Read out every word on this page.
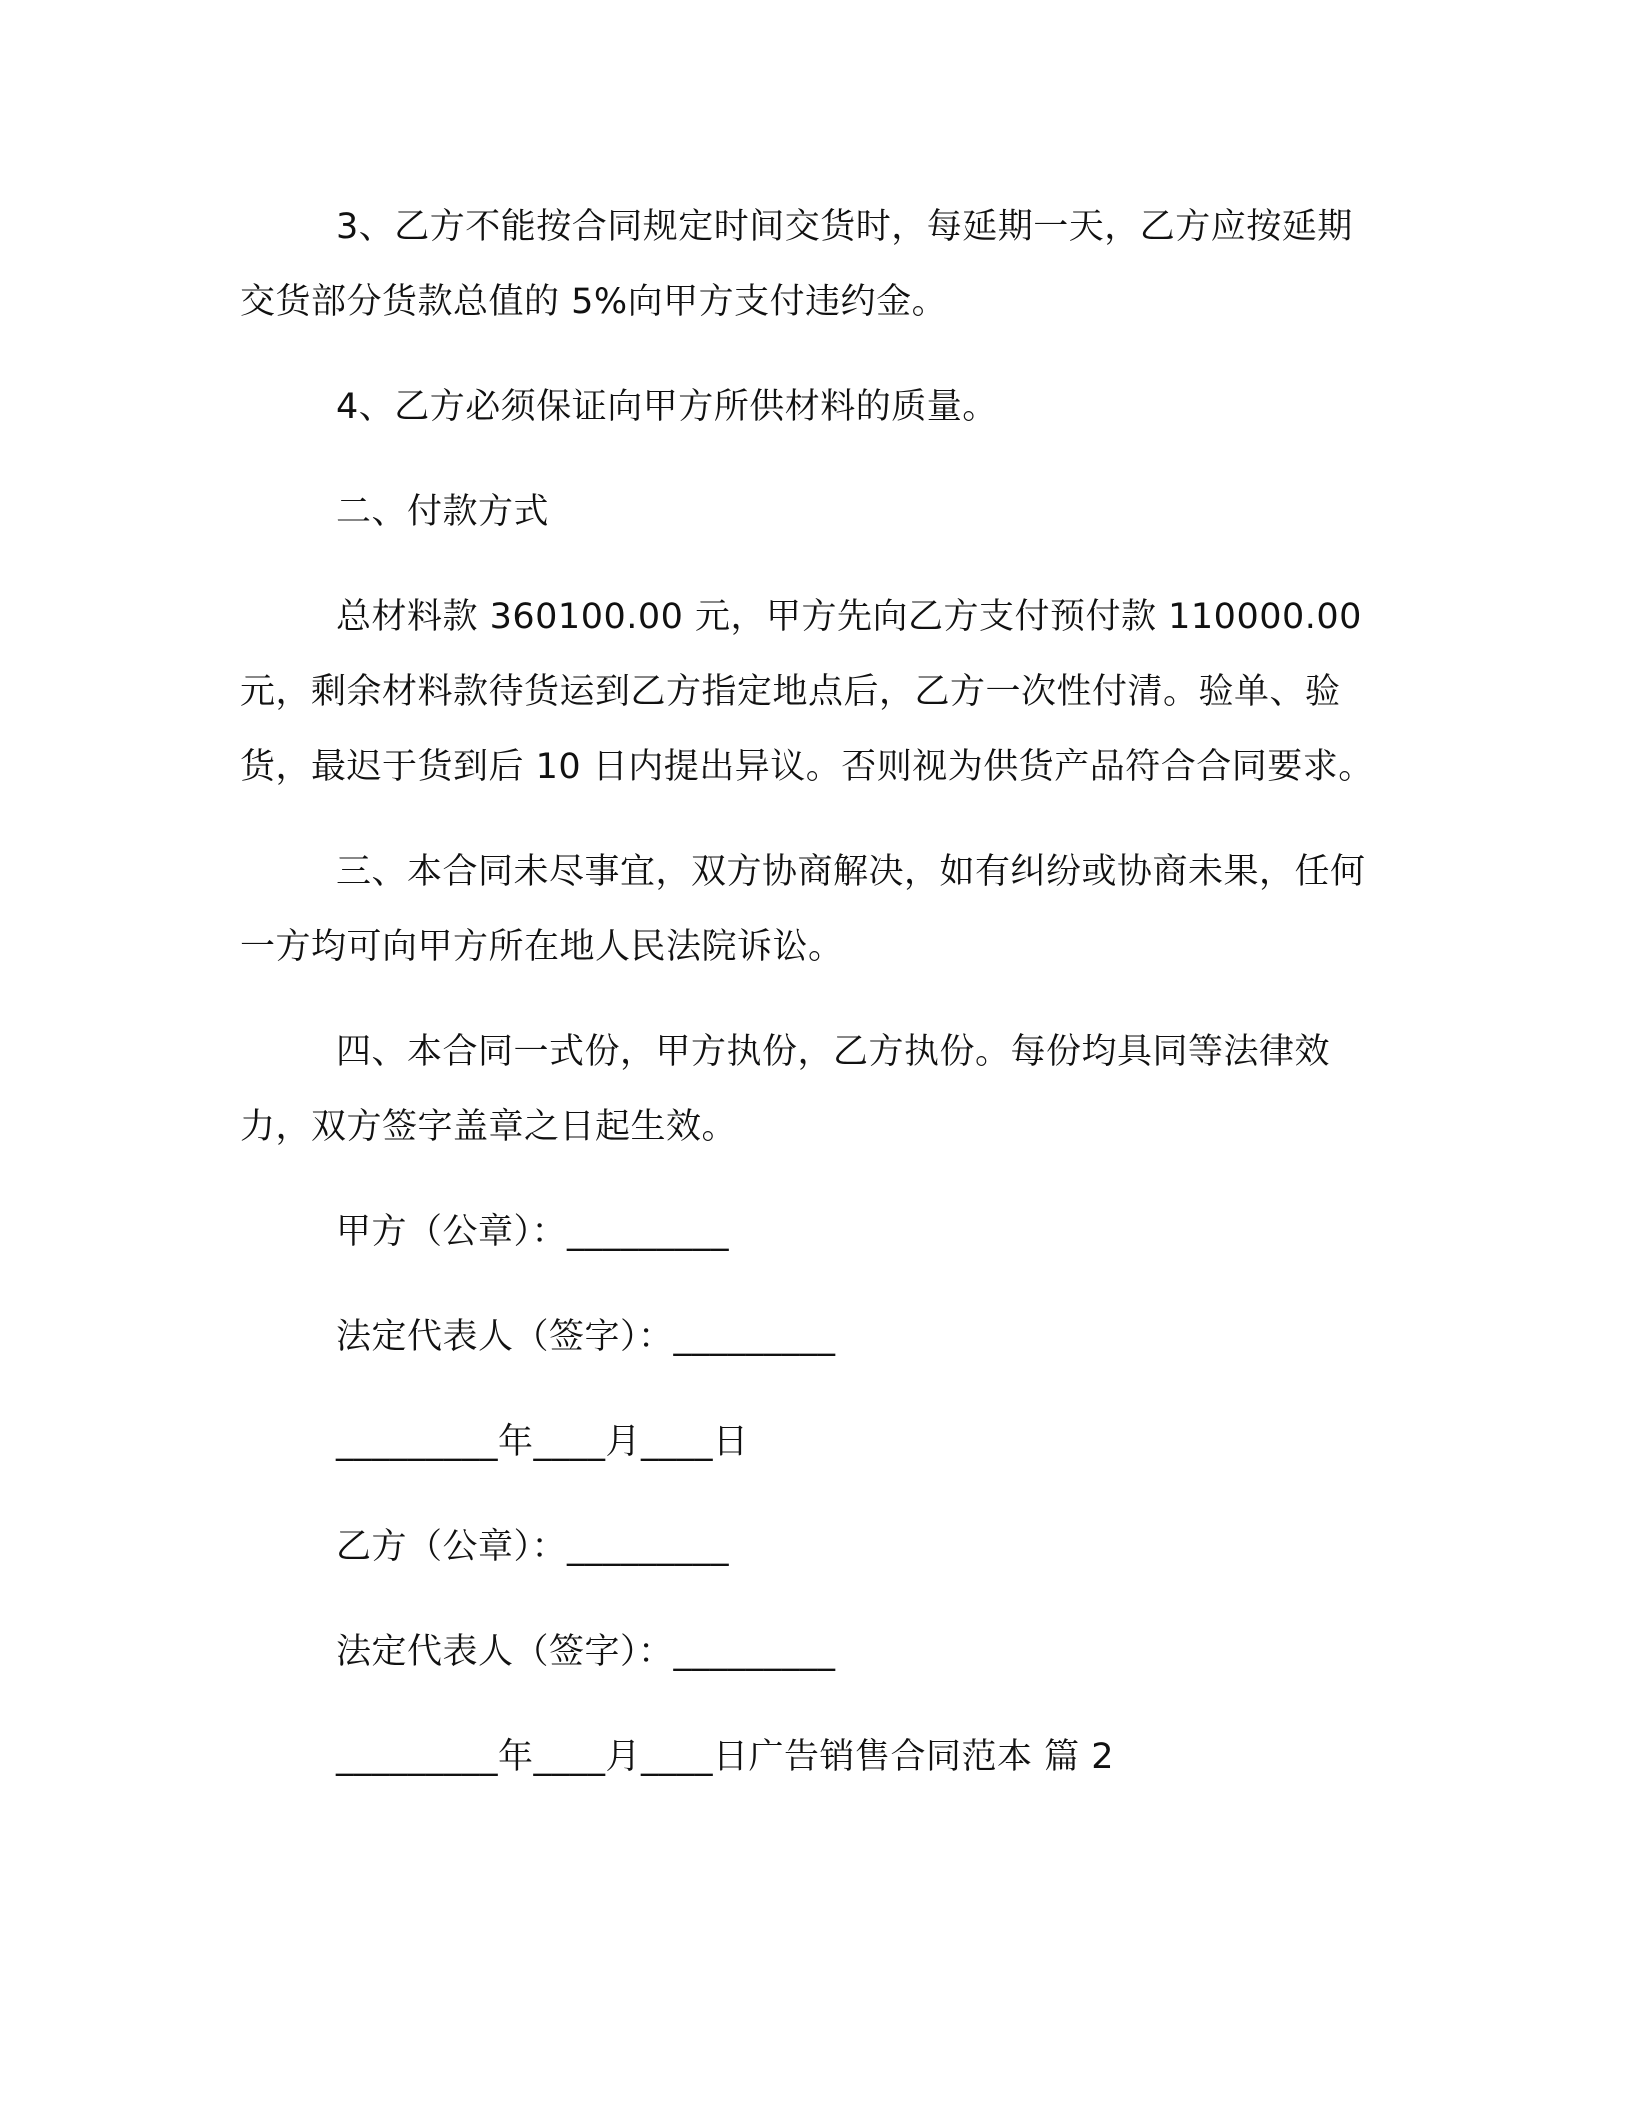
3、乙方不能按合同规定时间交货时，每延期一天，乙方应按延期交货部分货款总值的 5%向甲方支付违约金。

4、乙方必须保证向甲方所供材料的质量。

二、付款方式

总材料款 360100.00 元，甲方先向乙方支付预付款 110000.00 元，剩余材料款待货运到乙方指定地点后，乙方一次性付清。验单、验货，最迟于货到后 10 日内提出异议。否则视为供货产品符合合同要求。

三、本合同未尽事宜，双方协商解决，如有纠纷或协商未果，任何一方均可向甲方所在地人民法院诉讼。

四、本合同一式份，甲方执份，乙方执份。每份均具同等法律效力，双方签字盖章之日起生效。

甲方（公章）：_________
法定代表人（签字）：_________
_________年____月____日
乙方（公章）：_________
法定代表人（签字）：_________
_________年____月____日广告销售合同范本 篇 2
